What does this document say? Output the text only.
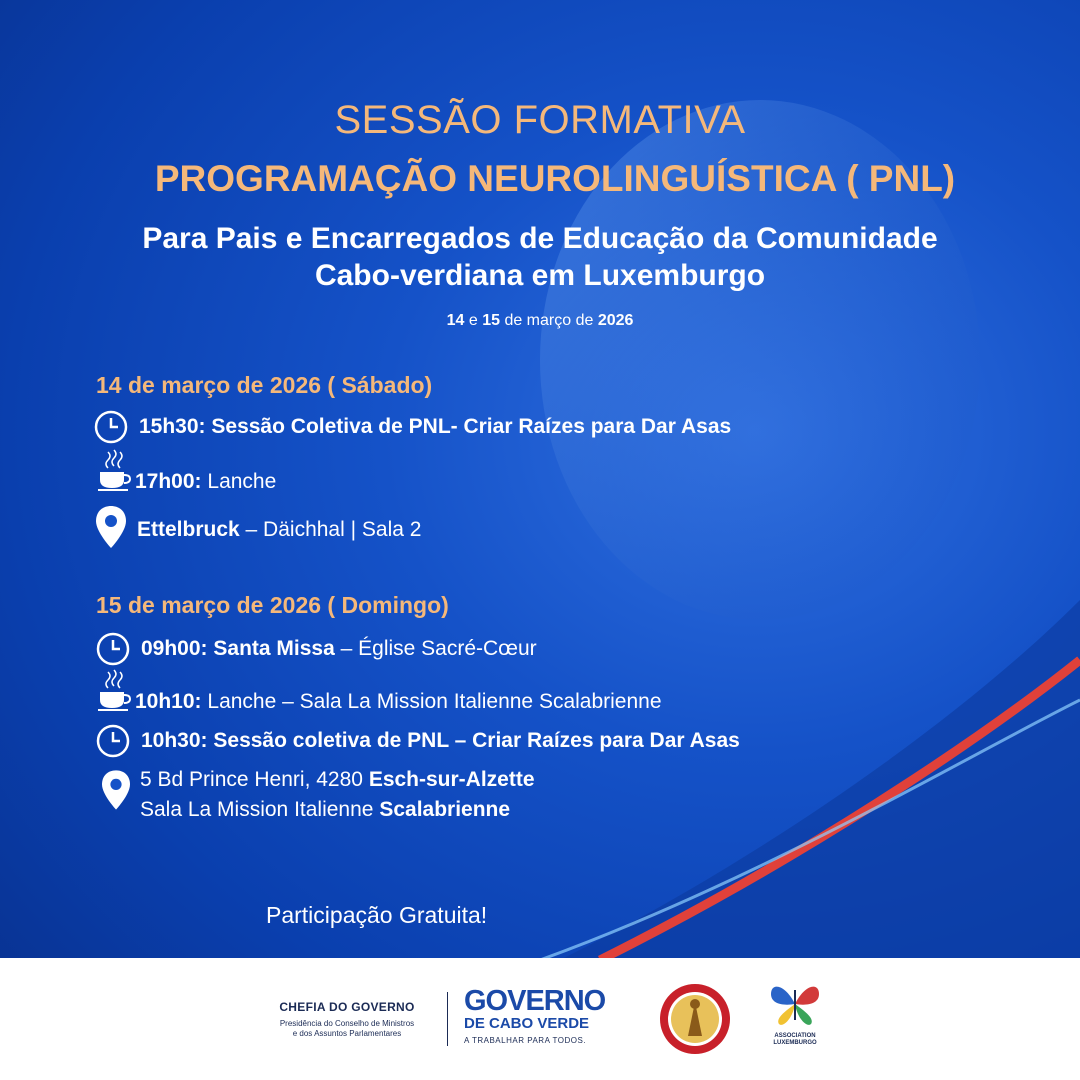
SESSÃO FORMATIVA
PROGRAMAÇÃO NEUROLINGUÍSTICA ( PNL)
Para Pais e Encarregados de Educação da Comunidade
Cabo-verdiana em Luxemburgo
14 e 15 de março de 2026
14 de março de 2026 ( Sábado)
15h30: Sessão Coletiva de PNL- Criar Raízes para Dar Asas
17h00: Lanche
Ettelbruck – Däichhal | Sala 2
15 de março de 2026 ( Domingo)
09h00: Santa Missa – Église Sacré-Cœur
10h10: Lanche – Sala La Mission Italienne Scalabrienne
10h30: Sessão coletiva de PNL – Criar Raízes para Dar Asas
5 Bd Prince Henri, 4280 Esch-sur-Alzette
Sala La Mission Italienne Scalabrienne
Participação Gratuita!
CHEFIA DO GOVERNO
Presidência do Conselho de Ministros
e dos Assuntos Parlamentares
GOVERNO
DE CABO VERDE
A TRABALHAR PARA TODOS.	ASSOCIATION
LUXEMBURGO
